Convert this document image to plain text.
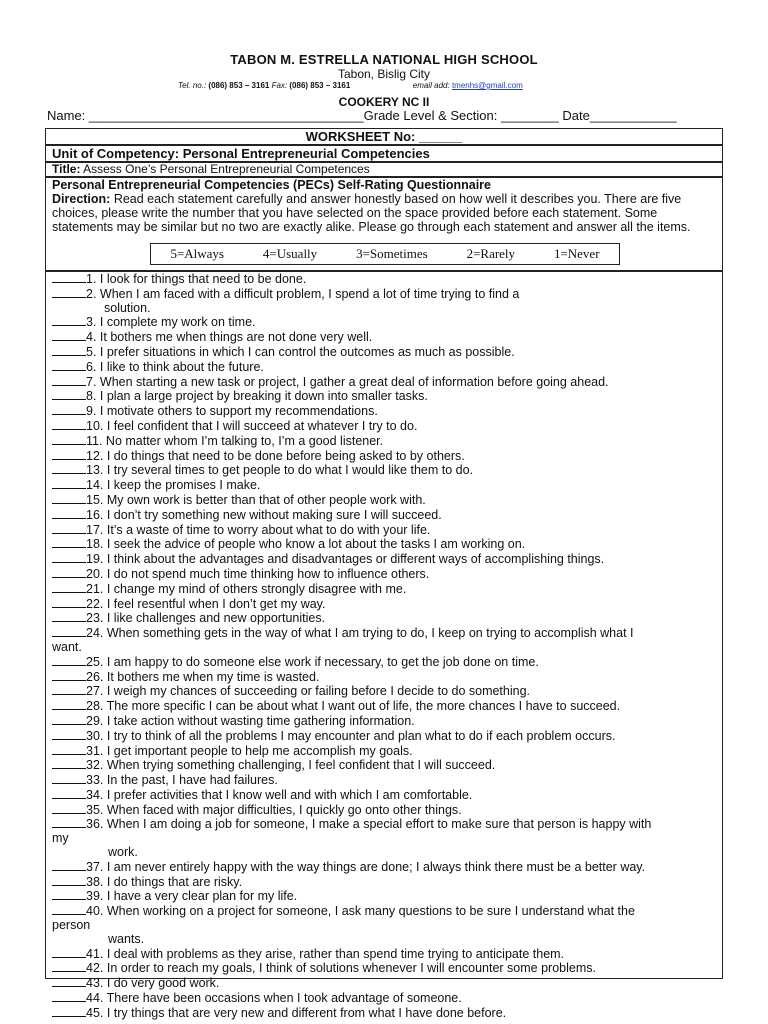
TABON M. ESTRELLA NATIONAL HIGH SCHOOL
Tabon, Bislig City
Tel. no.: (086) 853 – 3161 Fax: (086) 853 – 3161	email add: tmenhs@gmail.com
COOKERY NC II
Name: ______________________________________Grade Level & Section: ________ Date____________
WORKSHEET No: ______
Unit of Competency: Personal Entrepreneurial Competencies
Title: Assess One’s Personal Entrepreneurial Competences
Personal Entrepreneurial Competencies (PECs) Self-Rating Questionnaire
Direction: Read each statement carefully and answer honestly based on how well it describes you. There are five choices, please write the number that you have selected on the space provided before each statement. Some statements may be similar but no two are exactly alike. Please go through each statement and answer all the items.
5=Always	4=Usually	3=Sometimes	2=Rarely	1=Never
1. I look for things that need to be done.
2. When I am faced with a difficult problem, I spend a lot of time trying to find a
solution.
3. I complete my work on time.
4. It bothers me when things are not done very well.
5. I prefer situations in which I can control the outcomes as much as possible.
6. I like to think about the future.
7. When starting a new task or project, I gather a great deal of information before going ahead.
8. I plan a large project by breaking it down into smaller tasks.
9. I motivate others to support my recommendations.
10. I feel confident that I will succeed at whatever I try to do.
11. No matter whom I’m talking to, I’m a good listener.
12. I do things that need to be done before being asked to by others.
13. I try several times to get people to do what I would like them to do.
14. I keep the promises I make.
15. My own work is better than that of other people work with.
16. I don’t try something new without making sure I will succeed.
17. It’s a waste of time to worry about what to do with your life.
18. I seek the advice of people who know a lot about the tasks I am working on.
19. I think about the advantages and disadvantages or different ways of accomplishing things.
20. I do not spend much time thinking how to influence others.
21. I change my mind of others strongly disagree with me.
22. I feel resentful when I don’t get my way.
23. I like challenges and new opportunities.
24. When something gets in the way of what I am trying to do, I keep on trying to accomplish what I
want.
25. I am happy to do someone else work if necessary, to get the job done on time.
26. It bothers me when my time is wasted.
27. I weigh my chances of succeeding or failing before I decide to do something.
28. The more specific I can be about what I want out of life, the more chances I have to succeed.
29. I take action without wasting time gathering information.
30. I try to think of all the problems I may encounter and plan what to do if each problem occurs.
31. I get important people to help me accomplish my goals.
32. When trying something challenging, I feel confident that I will succeed.
33. In the past, I have had failures.
34. I prefer activities that I know well and with which I am comfortable.
35. When faced with major difficulties, I quickly go onto other things.
36. When I am doing a job for someone, I make a special effort to make sure that person is happy with
my
work.
37. I am never entirely happy with the way things are done; I always think there must be a better way.
38. I do things that are risky.
39. I have a very clear plan for my life.
40. When working on a project for someone, I ask many questions to be sure I understand what the
person
wants.
41. I deal with problems as they arise, rather than spend time trying to anticipate them.
42. In order to reach my goals, I think of solutions whenever I will encounter some problems.
43. I do very good work.
44. There have been occasions when I took advantage of someone.
45. I try things that are very new and different from what I have done before.
